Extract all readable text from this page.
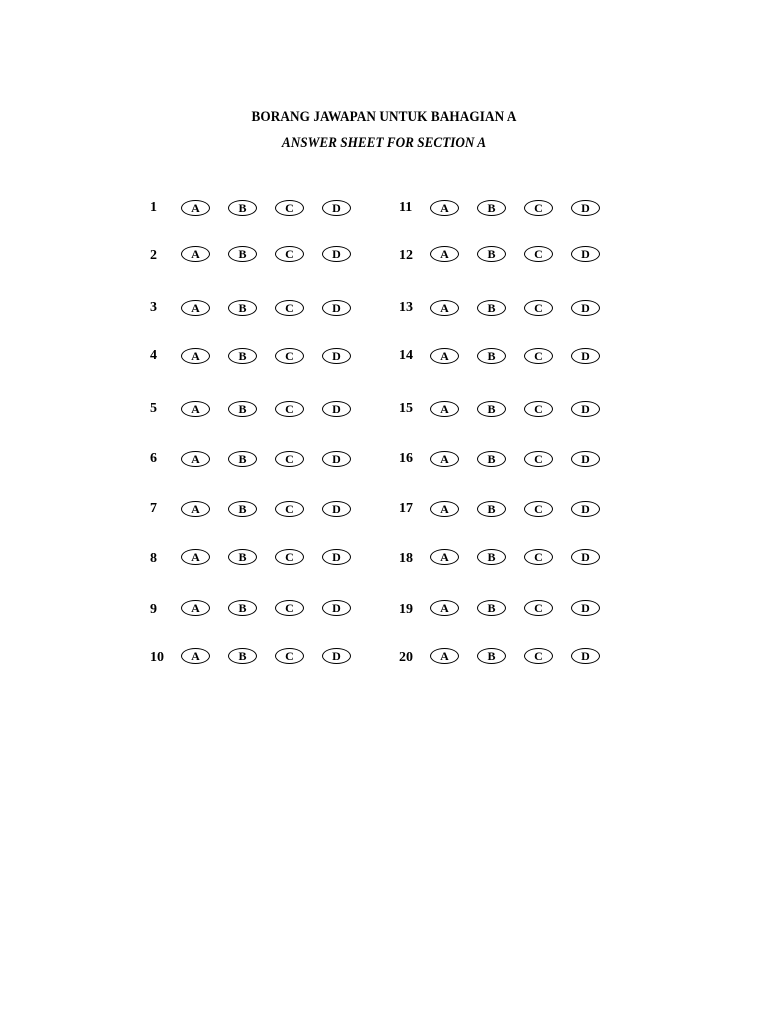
BORANG JAWAPAN UNTUK BAHAGIAN A
ANSWER SHEET FOR SECTION A
1	A	B	C	D
2	A	B	C	D
3	A	B	C	D
4	A	B	C	D
5	A	B	C	D
6	A	B	C	D
7	A	B	C	D
8	A	B	C	D
9	A	B	C	D
10	A	B	C	D
11	A	B	C	D
12	A	B	C	D
13	A	B	C	D
14	A	B	C	D
15	A	B	C	D
16	A	B	C	D
17	A	B	C	D
18	A	B	C	D
19	A	B	C	D
20	A	B	C	D
